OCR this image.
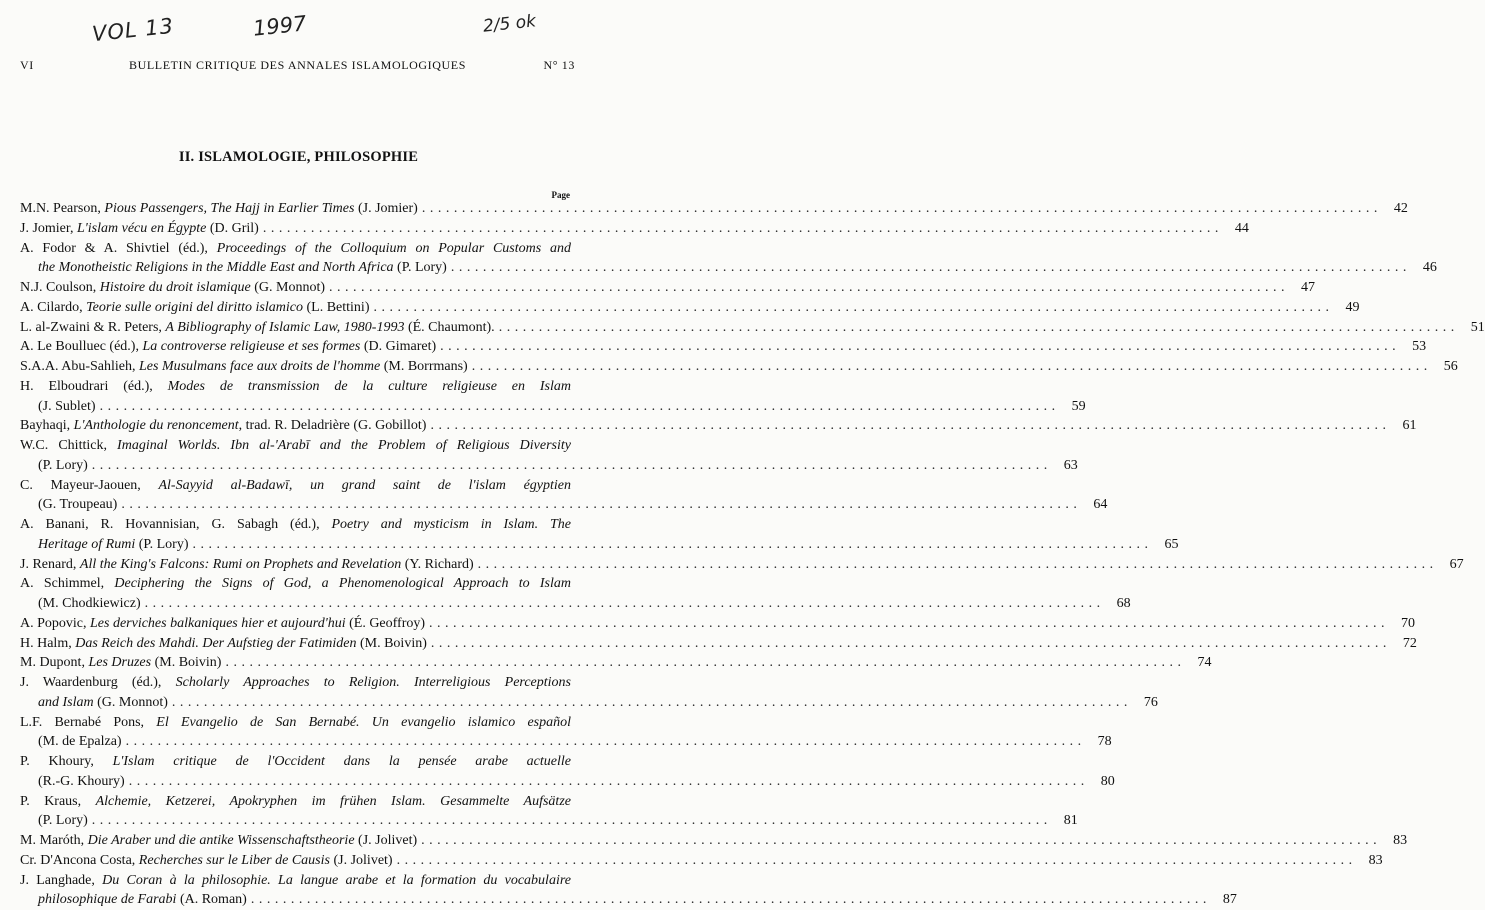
VOL 13	1997	2/5 ok
VI	BULLETIN CRITIQUE DES ANNALES ISLAMOLOGIQUES	N° 13
II. ISLAMOLOGIE, PHILOSOPHIE
Page
M.N. Pearson, Pious Passengers, The Hajj in Earlier Times (J. Jomier) . . . . . . . . . . . . . . . . . . . . . . . . . . . . . . . . . . . . . . . . . . . . . . . . . . . . . . . . . . . . . . . . . . . . . . . . . . . . . . . . . . . . . . . . . . . . . . . . . . . . . . . . . . . . . . . . . . . . . . . .	42
J. Jomier, L'islam vécu en Égypte (D. Gril) . . . . . . . . . . . . . . . . . . . . . . . . . . . . . . . . . . . . . . . . . . . . . . . . . . . . . . . . . . . . . . . . . . . . . . . . . . . . . . . . . . . . . . . . . . . . . . . . . . . . . . . . . . . . . . . . . . . . . . . .	44
A. Fodor & A. Shivtiel (éd.), Proceedings of the Colloquium on Popular Customs and
the Monotheistic Religions in the Middle East and North Africa (P. Lory) . . . . . . . . . . . . . . . . . . . . . . . . . . . . . . . . . . . . . . . . . . . . . . . . . . . . . . . . . . . . . . . . . . . . . . . . . . . . . . . . . . . . . . . . . . . . . . . . . . . . . . . . . . . . . . . . . . . . . . . .	46
N.J. Coulson, Histoire du droit islamique (G. Monnot) . . . . . . . . . . . . . . . . . . . . . . . . . . . . . . . . . . . . . . . . . . . . . . . . . . . . . . . . . . . . . . . . . . . . . . . . . . . . . . . . . . . . . . . . . . . . . . . . . . . . . . . . . . . . . . . . . . . . . . . .	47
A. Cilardo, Teorie sulle origini del diritto islamico (L. Bettini) . . . . . . . . . . . . . . . . . . . . . . . . . . . . . . . . . . . . . . . . . . . . . . . . . . . . . . . . . . . . . . . . . . . . . . . . . . . . . . . . . . . . . . . . . . . . . . . . . . . . . . . . . . . . . . . . . . . . . . . .	49
L. al-Zwaini & R. Peters, A Bibliography of Islamic Law, 1980-1993 (É. Chaumont). . . . . . . . . . . . . . . . . . . . . . . . . . . . . . . . . . . . . . . . . . . . . . . . . . . . . . . . . . . . . . . . . . . . . . . . . . . . . . . . . . . . . . . . . . . . . . . . . . . . . . . . . . . . . . . . . . . . . . . . .	51
A. Le Boulluec (éd.), La controverse religieuse et ses formes (D. Gimaret) . . . . . . . . . . . . . . . . . . . . . . . . . . . . . . . . . . . . . . . . . . . . . . . . . . . . . . . . . . . . . . . . . . . . . . . . . . . . . . . . . . . . . . . . . . . . . . . . . . . . . . . . . . . . . . . . . . . . . . . .	53
S.A.A. Abu-Sahlieh, Les Musulmans face aux droits de l'homme (M. Borrmans) . . . . . . . . . . . . . . . . . . . . . . . . . . . . . . . . . . . . . . . . . . . . . . . . . . . . . . . . . . . . . . . . . . . . . . . . . . . . . . . . . . . . . . . . . . . . . . . . . . . . . . . . . . . . . . . . . . . . . . . .	56
H. Elboudrari (éd.), Modes de transmission de la culture religieuse en Islam
(J. Sublet) . . . . . . . . . . . . . . . . . . . . . . . . . . . . . . . . . . . . . . . . . . . . . . . . . . . . . . . . . . . . . . . . . . . . . . . . . . . . . . . . . . . . . . . . . . . . . . . . . . . . . . . . . . . . . . . . . . . . . . . .	59
Bayhaqi, L'Anthologie du renoncement, trad. R. Deladrière (G. Gobillot) . . . . . . . . . . . . . . . . . . . . . . . . . . . . . . . . . . . . . . . . . . . . . . . . . . . . . . . . . . . . . . . . . . . . . . . . . . . . . . . . . . . . . . . . . . . . . . . . . . . . . . . . . . . . . . . . . . . . . . . .	61
W.C. Chittick, Imaginal Worlds. Ibn al-'Arabī and the Problem of Religious Diversity
(P. Lory) . . . . . . . . . . . . . . . . . . . . . . . . . . . . . . . . . . . . . . . . . . . . . . . . . . . . . . . . . . . . . . . . . . . . . . . . . . . . . . . . . . . . . . . . . . . . . . . . . . . . . . . . . . . . . . . . . . . . . . . .	63
C. Mayeur-Jaouen, Al-Sayyid al-Badawī, un grand saint de l'islam égyptien
(G. Troupeau) . . . . . . . . . . . . . . . . . . . . . . . . . . . . . . . . . . . . . . . . . . . . . . . . . . . . . . . . . . . . . . . . . . . . . . . . . . . . . . . . . . . . . . . . . . . . . . . . . . . . . . . . . . . . . . . . . . . . . . . .	64
A. Banani, R. Hovannisian, G. Sabagh (éd.), Poetry and mysticism in Islam. The
Heritage of Rumi (P. Lory) . . . . . . . . . . . . . . . . . . . . . . . . . . . . . . . . . . . . . . . . . . . . . . . . . . . . . . . . . . . . . . . . . . . . . . . . . . . . . . . . . . . . . . . . . . . . . . . . . . . . . . . . . . . . . . . . . . . . . . . .	65
J. Renard, All the King's Falcons: Rumi on Prophets and Revelation (Y. Richard) . . . . . . . . . . . . . . . . . . . . . . . . . . . . . . . . . . . . . . . . . . . . . . . . . . . . . . . . . . . . . . . . . . . . . . . . . . . . . . . . . . . . . . . . . . . . . . . . . . . . . . . . . . . . . . . . . . . . . . . .	67
A. Schimmel, Deciphering the Signs of God, a Phenomenological Approach to Islam
(M. Chodkiewicz) . . . . . . . . . . . . . . . . . . . . . . . . . . . . . . . . . . . . . . . . . . . . . . . . . . . . . . . . . . . . . . . . . . . . . . . . . . . . . . . . . . . . . . . . . . . . . . . . . . . . . . . . . . . . . . . . . . . . . . . .	68
A. Popovic, Les derviches balkaniques hier et aujourd'hui (É. Geoffroy) . . . . . . . . . . . . . . . . . . . . . . . . . . . . . . . . . . . . . . . . . . . . . . . . . . . . . . . . . . . . . . . . . . . . . . . . . . . . . . . . . . . . . . . . . . . . . . . . . . . . . . . . . . . . . . . . . . . . . . . .	70
H. Halm, Das Reich des Mahdi. Der Aufstieg der Fatimiden (M. Boivin) . . . . . . . . . . . . . . . . . . . . . . . . . . . . . . . . . . . . . . . . . . . . . . . . . . . . . . . . . . . . . . . . . . . . . . . . . . . . . . . . . . . . . . . . . . . . . . . . . . . . . . . . . . . . . . . . . . . . . . . .	72
M. Dupont, Les Druzes (M. Boivin) . . . . . . . . . . . . . . . . . . . . . . . . . . . . . . . . . . . . . . . . . . . . . . . . . . . . . . . . . . . . . . . . . . . . . . . . . . . . . . . . . . . . . . . . . . . . . . . . . . . . . . . . . . . . . . . . . . . . . . . .	74
J. Waardenburg (éd.), Scholarly Approaches to Religion. Interreligious Perceptions
and Islam (G. Monnot) . . . . . . . . . . . . . . . . . . . . . . . . . . . . . . . . . . . . . . . . . . . . . . . . . . . . . . . . . . . . . . . . . . . . . . . . . . . . . . . . . . . . . . . . . . . . . . . . . . . . . . . . . . . . . . . . . . . . . . . .	76
L.F. Bernabé Pons, El Evangelio de San Bernabé. Un evangelio islamico español
(M. de Epalza) . . . . . . . . . . . . . . . . . . . . . . . . . . . . . . . . . . . . . . . . . . . . . . . . . . . . . . . . . . . . . . . . . . . . . . . . . . . . . . . . . . . . . . . . . . . . . . . . . . . . . . . . . . . . . . . . . . . . . . . .	78
P. Khoury, L'Islam critique de l'Occident dans la pensée arabe actuelle
(R.-G. Khoury) . . . . . . . . . . . . . . . . . . . . . . . . . . . . . . . . . . . . . . . . . . . . . . . . . . . . . . . . . . . . . . . . . . . . . . . . . . . . . . . . . . . . . . . . . . . . . . . . . . . . . . . . . . . . . . . . . . . . . . . .	80
P. Kraus, Alchemie, Ketzerei, Apokryphen im frühen Islam. Gesammelte Aufsätze
(P. Lory) . . . . . . . . . . . . . . . . . . . . . . . . . . . . . . . . . . . . . . . . . . . . . . . . . . . . . . . . . . . . . . . . . . . . . . . . . . . . . . . . . . . . . . . . . . . . . . . . . . . . . . . . . . . . . . . . . . . . . . . .	81
M. Maróth, Die Araber und die antike Wissenschaftstheorie (J. Jolivet) . . . . . . . . . . . . . . . . . . . . . . . . . . . . . . . . . . . . . . . . . . . . . . . . . . . . . . . . . . . . . . . . . . . . . . . . . . . . . . . . . . . . . . . . . . . . . . . . . . . . . . . . . . . . . . . . . . . . . . . .	83
Cr. D'Ancona Costa, Recherches sur le Liber de Causis (J. Jolivet) . . . . . . . . . . . . . . . . . . . . . . . . . . . . . . . . . . . . . . . . . . . . . . . . . . . . . . . . . . . . . . . . . . . . . . . . . . . . . . . . . . . . . . . . . . . . . . . . . . . . . . . . . . . . . . . . . . . . . . . .	83
J. Langhade, Du Coran à la philosophie. La langue arabe et la formation du vocabulaire
philosophique de Farabi (A. Roman) . . . . . . . . . . . . . . . . . . . . . . . . . . . . . . . . . . . . . . . . . . . . . . . . . . . . . . . . . . . . . . . . . . . . . . . . . . . . . . . . . . . . . . . . . . . . . . . . . . . . . . . . . . . . . . . . . . . . . . . .	87
